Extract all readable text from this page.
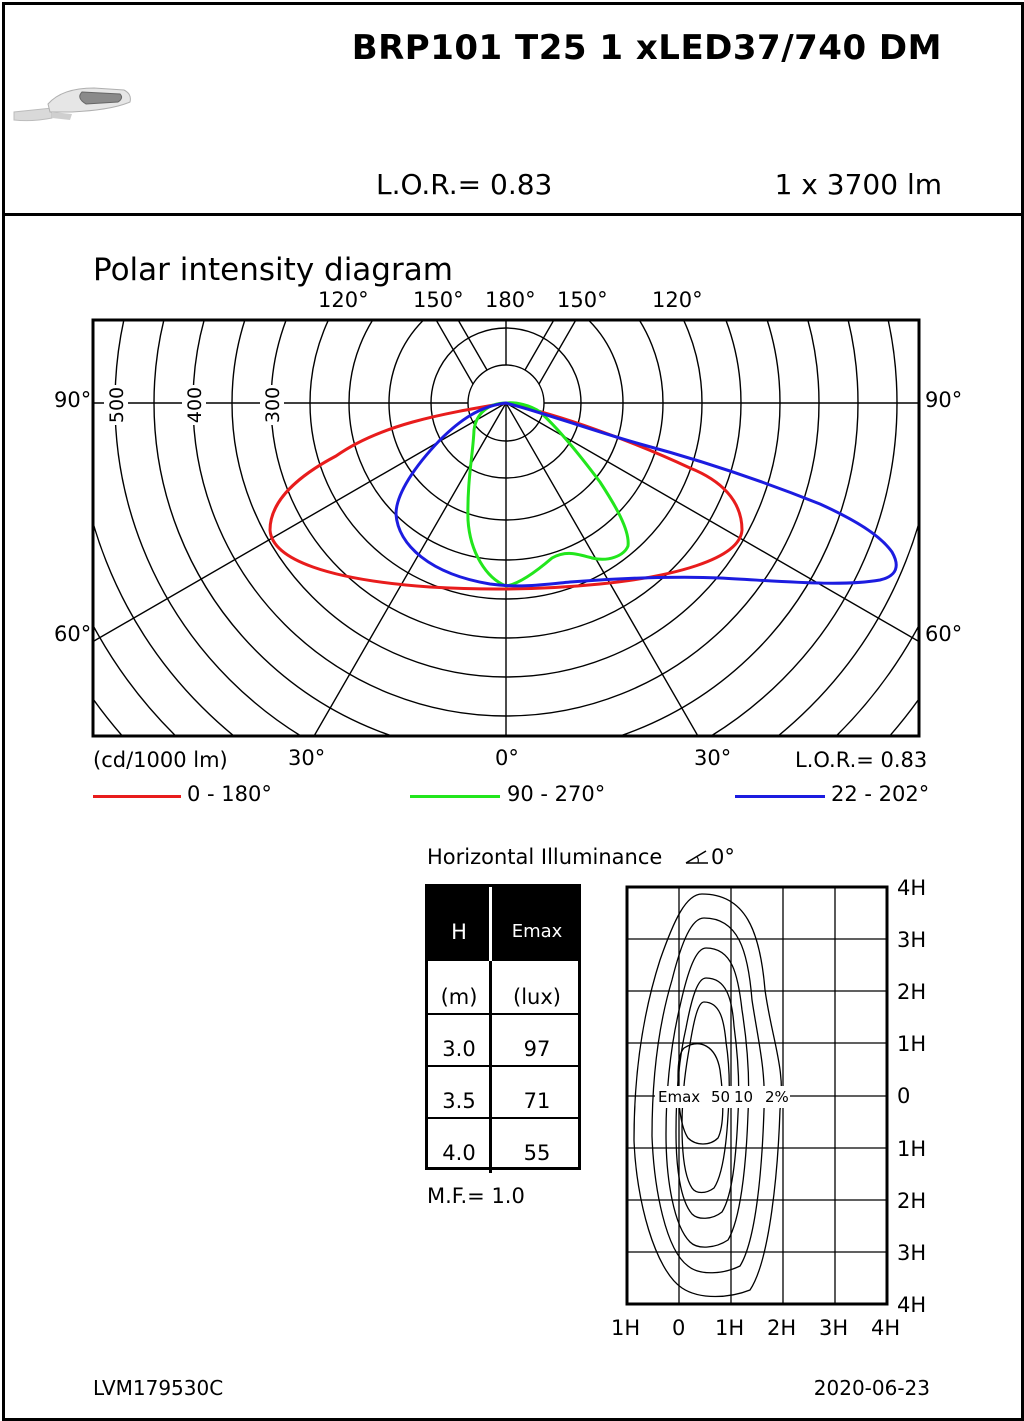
BRP101 T25 1 xLED37/740 DM
L.O.R.= 0.83	1 x 3700 lm
Polar intensity diagram
120° 150° 180° 150° 120°
90°	90°
60°	60°
500	400	300
(cd/1000 lm)	30°	0°	30°	L.O.R.= 0.83
0 - 180°	90 - 270°	22 - 202°
Horizontal Illuminance 0°
H	Emax
(m)	(lux)
3.0	97
3.5	71
4.0	55
M.F.= 1.0
Emax 50 10 2%
4H
3H
2H
1H
0
1H
2H
3H
4H
1H 0 1H 2H 3H 4H
LVM179530C	2020-06-23
